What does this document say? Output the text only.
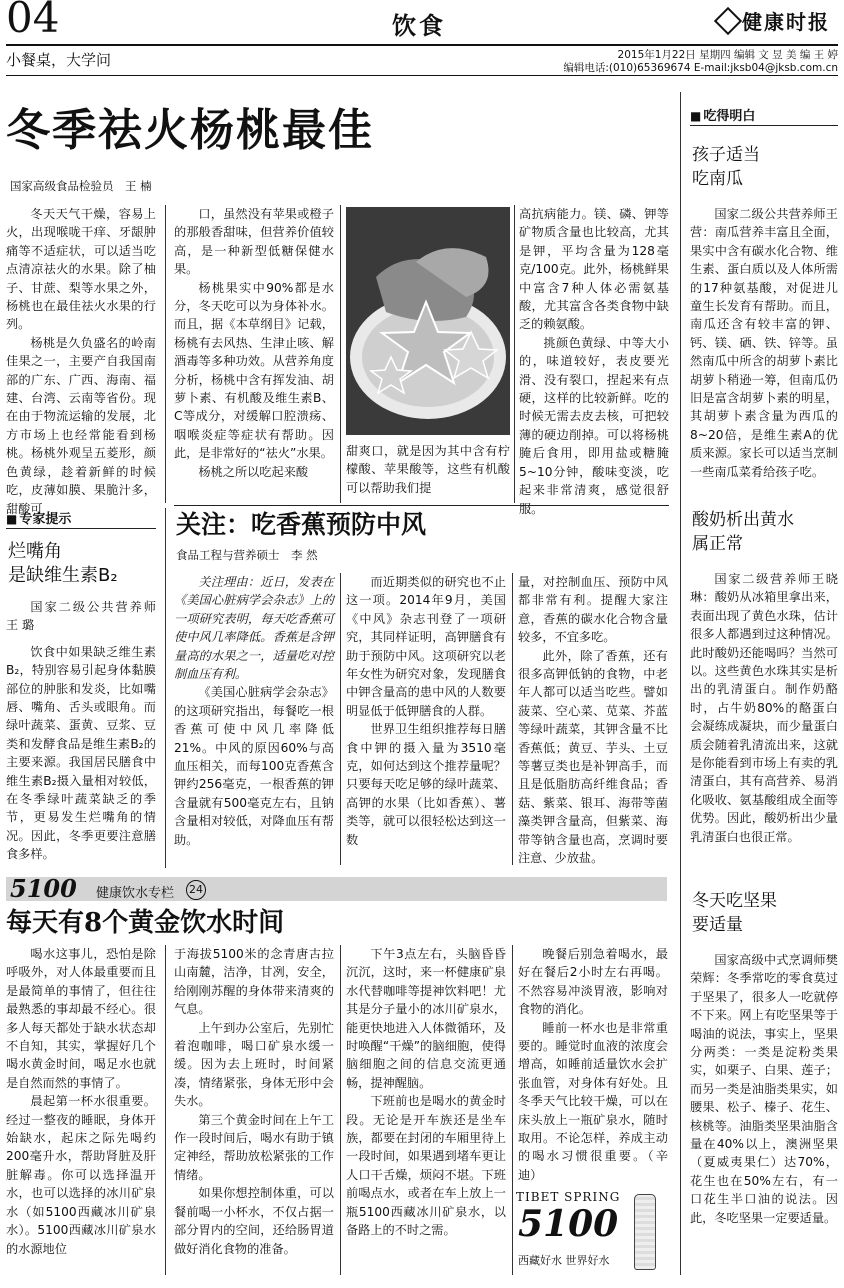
04	饮食	健康时报
小餐桌，大学问	2015年1月22日 星期四 编辑 文 昱 美 编 王 婷
编辑电话:(010)65369674 E-mail:jksb04@jksb.com.cn
冬季祛火杨桃最佳
国家高级食品检验员　王 楠

冬天天气干燥，容易上火，出现喉咙干痒、牙龈肿痛等不适症状，可以适当吃点清凉祛火的水果。除了柚子、甘蔗、梨等水果之外，杨桃也在最佳祛火水果的行列。

杨桃是久负盛名的岭南佳果之一，主要产自我国南部的广东、广西、海南、福建、台湾、云南等省份。现在由于物流运输的发展，北方市场上也经常能看到杨桃。杨桃外观呈五菱形，颜色黄绿，趁着新鲜的时候吃，皮薄如膜、果脆汁多，甜酸可

口，虽然没有苹果或橙子的那般香甜味，但营养价值较高，是一种新型低糖保健水果。

杨桃果实中90%都是水分，冬天吃可以为身体补水。而且，据《本草纲目》记载，杨桃有去风热、生津止咳、解酒毒等多种功效。从营养角度分析，杨桃中含有挥发油、胡萝卜素、有机酸及维生素B、C等成分，对缓解口腔溃疡、咽喉炎症等症状有帮助。因此，是非常好的“祛火”水果。

杨桃之所以吃起来酸

甜爽口，就是因为其中含有柠檬酸、苹果酸等，这些有机酸可以帮助我们提

高抗病能力。镁、磷、钾等矿物质含量也比较高，尤其是钾，平均含量为128毫克/100克。此外，杨桃鲜果中富含7种人体必需氨基酸，尤其富含各类食物中缺乏的赖氨酸。

挑颜色黄绿、中等大小的，味道较好，表皮要光滑、没有裂口，捏起来有点硬，这样的比较新鲜。吃的时候无需去皮去核，可把较薄的硬边削掉。可以将杨桃腌后食用，即用盐或糖腌5~10分钟，酸味变淡，吃起来非常清爽，感觉很舒服。

■ 专家提示
烂嘴角
是缺维生素B₂

国家二级公共营养师　王 璐

饮食中如果缺乏维生素B₂，特别容易引起身体黏膜部位的肿胀和发炎，比如嘴唇、嘴角、舌头或眼角。而绿叶蔬菜、蛋黄、豆浆、豆类和发酵食品是维生素B₂的主要来源。我国居民膳食中维生素B₂摄入量相对较低，在冬季绿叶蔬菜缺乏的季节，更易发生烂嘴角的情况。因此，冬季更要注意膳食多样。

关注：吃香蕉预防中风
食品工程与营养硕士　李 然

关注理由：近日，发表在《美国心脏病学会杂志》上的一项研究表明，每天吃香蕉可使中风几率降低。香蕉是含钾量高的水果之一，适量吃对控制血压有利。

《美国心脏病学会杂志》的这项研究指出，每餐吃一根香蕉可使中风几率降低21%。中风的原因60%与高血压相关，而每100克香蕉含钾约256毫克，一根香蕉的钾含量就有500毫克左右，且钠含量相对较低，对降血压有帮助。

而近期类似的研究也不止这一项。2014年9月，美国《中风》杂志刊登了一项研究，其同样证明，高钾膳食有助于预防中风。这项研究以老年女性为研究对象，发现膳食中钾含量高的患中风的人数要明显低于低钾膳食的人群。

世界卫生组织推荐每日膳食中钾的摄入量为3510毫克，如何达到这个推荐量呢？只要每天吃足够的绿叶蔬菜、高钾的水果（比如香蕉）、薯类等，就可以很轻松达到这一数

量，对控制血压、预防中风都非常有利。提醒大家注意，香蕉的碳水化合物含量较多，不宜多吃。

此外，除了香蕉，还有很多高钾低钠的食物，中老年人都可以适当吃些。譬如菠菜、空心菜、苋菜、芥蓝等绿叶蔬菜，其钾含量不比香蕉低；黄豆、芋头、土豆等薯豆类也是补钾高手，而且是低脂肪高纤维食品；香菇、紫菜、银耳、海带等菌藻类钾含量高，但紫菜、海带等钠含量也高，烹调时要注意、少放盐。

5100 健康饮水专栏 24
每天有8个黄金饮水时间

喝水这事儿，恐怕是除呼吸外，对人体最重要而且是最简单的事情了，但往往最熟悉的事却最不经心。很多人每天都处于缺水状态却不自知，其实，掌握好几个喝水黄金时间，喝足水也就是自然而然的事情了。

晨起第一杯水很重要。经过一整夜的睡眠，身体开始缺水，起床之际先喝约200毫升水，帮助肾脏及肝脏解毒。你可以选择温开水，也可以选择的冰川矿泉水（如5100西藏冰川矿泉水）。5100西藏冰川矿泉水的水源地位

于海拔5100米的念青唐古拉山南麓，洁净，甘冽，安全，给刚刚苏醒的身体带来清爽的气息。

上午到办公室后，先别忙着泡咖啡，喝口矿泉水缓一缓。因为去上班时，时间紧凑，情绪紧张，身体无形中会失水。

第三个黄金时间在上午工作一段时间后，喝水有助于镇定神经，帮助放松紧张的工作情绪。

如果你想控制体重，可以餐前喝一小杯水，不仅占据一部分胃内的空间，还给肠胃道做好消化食物的准备。

下午3点左右，头脑昏昏沉沉，这时，来一杯健康矿泉水代替咖啡等提神饮料吧！尤其是分子量小的冰川矿泉水，能更快地进入人体微循环，及时唤醒“干燥”的脑细胞，使得脑细胞之间的信息交流更通畅，提神醒脑。

下班前也是喝水的黄金时段。无论是开车族还是坐车族，都要在封闭的车厢里待上一段时间，如果遇到堵车更让人口干舌燥，烦闷不堪。下班前喝点水，或者在车上放上一瓶5100西藏冰川矿泉水，以备路上的不时之需。

晚餐后别急着喝水，最好在餐后2小时左右再喝。不然容易冲淡胃液，影响对食物的消化。

睡前一杯水也是非常重要的。睡觉时血液的浓度会增高，如睡前适量饮水会扩张血管，对身体有好处。且冬季天气比较干燥，可以在床头放上一瓶矿泉水，随时取用。不论怎样，养成主动的喝水习惯很重要。（辛 迪）

TIBET SPRING
5100
西藏好水 世界好水
■ 吃得明白
孩子适当
吃南瓜

国家二级公共营养师王营：南瓜营养丰富且全面，果实中含有碳水化合物、维生素、蛋白质以及人体所需的17种氨基酸，对促进儿童生长发育有帮助。而且，南瓜还含有较丰富的钾、钙、镁、硒、铁、锌等。虽然南瓜中所含的胡萝卜素比胡萝卜稍逊一筹，但南瓜仍旧是富含胡萝卜素的明星，其胡萝卜素含量为西瓜的8~20倍，是维生素A的优质来源。家长可以适当烹制一些南瓜菜肴给孩子吃。

酸奶析出黄水
属正常

国家二级营养师王晓琳：酸奶从冰箱里拿出来，表面出现了黄色水珠，估计很多人都遇到过这种情况。此时酸奶还能喝吗？当然可以。这些黄色水珠其实是析出的乳清蛋白。制作奶酪时，占牛奶80%的酪蛋白会凝练成凝块，而少量蛋白质会随着乳清流出来，这就是你能看到市场上有卖的乳清蛋白，其有高营养、易消化吸收、氨基酸组成全面等优势。因此，酸奶析出少量乳清蛋白也很正常。

冬天吃坚果
要适量

国家高级中式烹调师樊荣辉：冬季常吃的零食莫过于坚果了，很多人一吃就停不下来。网上有吃坚果等于喝油的说法，事实上，坚果分两类：一类是淀粉类果实，如栗子、白果、莲子；而另一类是油脂类果实，如腰果、松子、榛子、花生、核桃等。油脂类坚果油脂含量在40%以上，澳洲坚果（夏威夷果仁）达70%，花生也在50%左右，有一口花生半口油的说法。因此，冬吃坚果一定要适量。
